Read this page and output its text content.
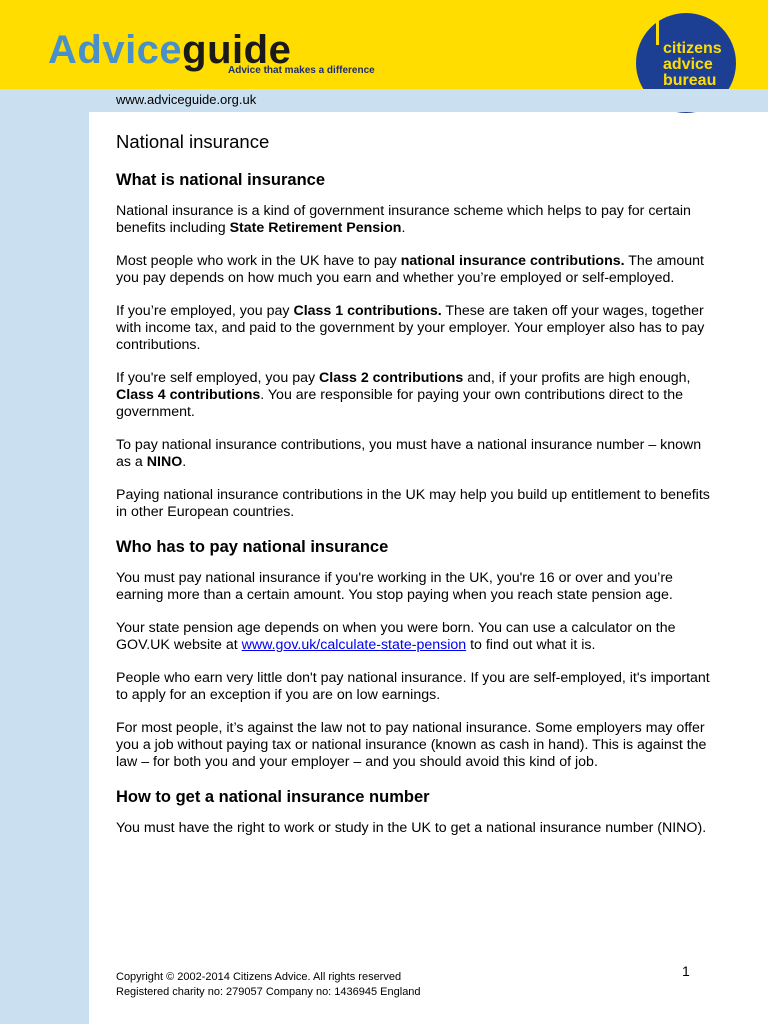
Adviceguide
Advice that makes a difference
citizens
advice
bureau
www.adviceguide.org.uk
National insurance
What is national insurance

National insurance is a kind of government insurance scheme which helps to pay for certain benefits including State Retirement Pension.

Most people who work in the UK have to pay national insurance contributions. The amount you pay depends on how much you earn and whether you’re employed or self-employed.

If you’re employed, you pay Class 1 contributions. These are taken off your wages, together with income tax, and paid to the government by your employer. Your employer also has to pay contributions.

If you're self employed, you pay Class 2 contributions and, if your profits are high enough, Class 4 contributions. You are responsible for paying your own contributions direct to the government.

To pay national insurance contributions, you must have a national insurance number – known as a NINO.

Paying national insurance contributions in the UK may help you build up entitlement to benefits in other European countries.

Who has to pay national insurance

You must pay national insurance if you're working in the UK, you're 16 or over and you’re earning more than a certain amount. You stop paying when you reach state pension age.

Your state pension age depends on when you were born. You can use a calculator on the GOV.UK website at www.gov.uk/calculate-state-pension to find out what it is.

People who earn very little don't pay national insurance. If you are self-employed, it's important to apply for an exception if you are on low earnings.

For most people, it’s against the law not to pay national insurance. Some employers may offer you a job without paying tax or national insurance (known as cash in hand). This is against the law – for both you and your employer – and you should avoid this kind of job.

How to get a national insurance number

You must have the right to work or study in the UK to get a national insurance number (NINO).

Copyright © 2002-2014 Citizens Advice. All rights reserved
Registered charity no: 279057 Company no: 1436945 England
1
